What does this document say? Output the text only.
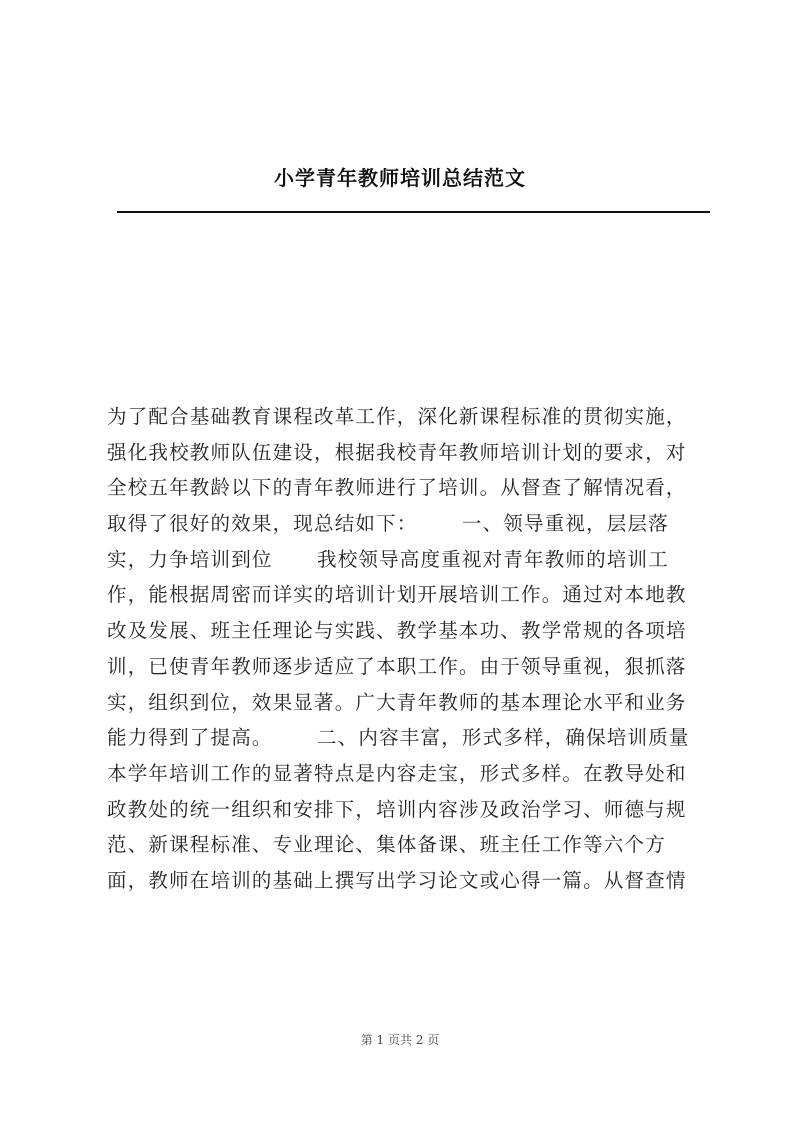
小学青年教师培训总结范文
为了配合基础教育课程改革工作，深化新课程标准的贯彻实施，
强化我校教师队伍建设，根据我校青年教师培训计划的要求，对
全校五年教龄以下的青年教师进行了培训。从督查了解情况看，
取得了很好的效果，现总结如下：      一、领导重视，层层落
实，力争培训到位      我校领导高度重视对青年教师的培训工
作，能根据周密而详实的培训计划开展培训工作。通过对本地教
改及发展、班主任理论与实践、教学基本功、教学常规的各项培
训，已使青年教师逐步适应了本职工作。由于领导重视，狠抓落
实，组织到位，效果显著。广大青年教师的基本理论水平和业务
能力得到了提高。      二、内容丰富，形式多样，确保培训质量
本学年培训工作的显著特点是内容走宝，形式多样。在教导处和
政教处的统一组织和安排下，培训内容涉及政治学习、师德与规
范、新课程标准、专业理论、集体备课、班主任工作等六个方
面，教师在培训的基础上撰写出学习论文或心得一篇。从督查情
第 1 页共 2 页
